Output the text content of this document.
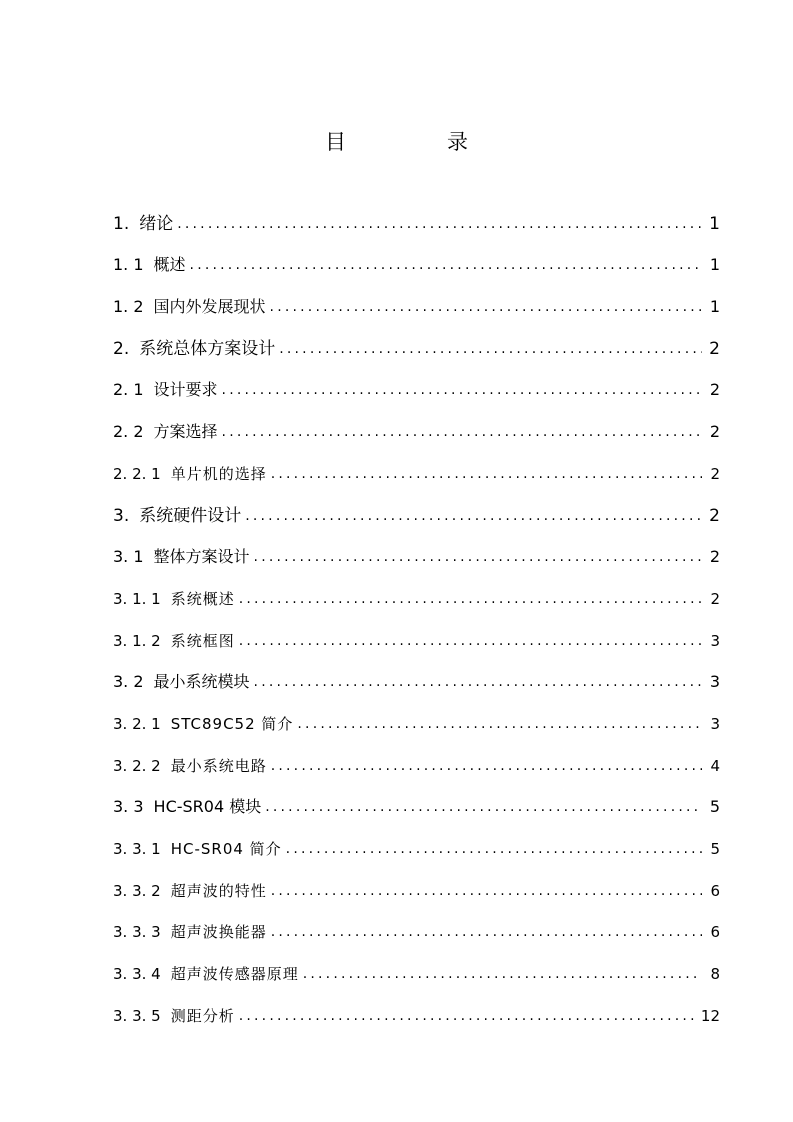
目　录
1. 绪论 .....	1
1. 1 概述 .....	1
1. 2 国内外发展现状 .....	1
2. 系统总体方案设计 .....	2
2. 1 设计要求 .....	2
2. 2 方案选择 .....	2
2. 2. 1 单片机的选择 .....	2
3. 系统硬件设计 .....	2
3. 1 整体方案设计 .....	2
3. 1. 1 系统概述 .....	2
3. 1. 2 系统框图 .....	3
3. 2 最小系统模块 .....	3
3. 2. 1 STC89C52 简介 .....	3
3. 2. 2 最小系统电路 .....	4
3. 3 HC-SR04 模块 .....	5
3. 3. 1 HC-SR04 简介 .....	5
3. 3. 2 超声波的特性 .....	6
3. 3. 3 超声波换能器 .....	6
3. 3. 4 超声波传感器原理 .....	8
3. 3. 5 测距分析 .....	12
